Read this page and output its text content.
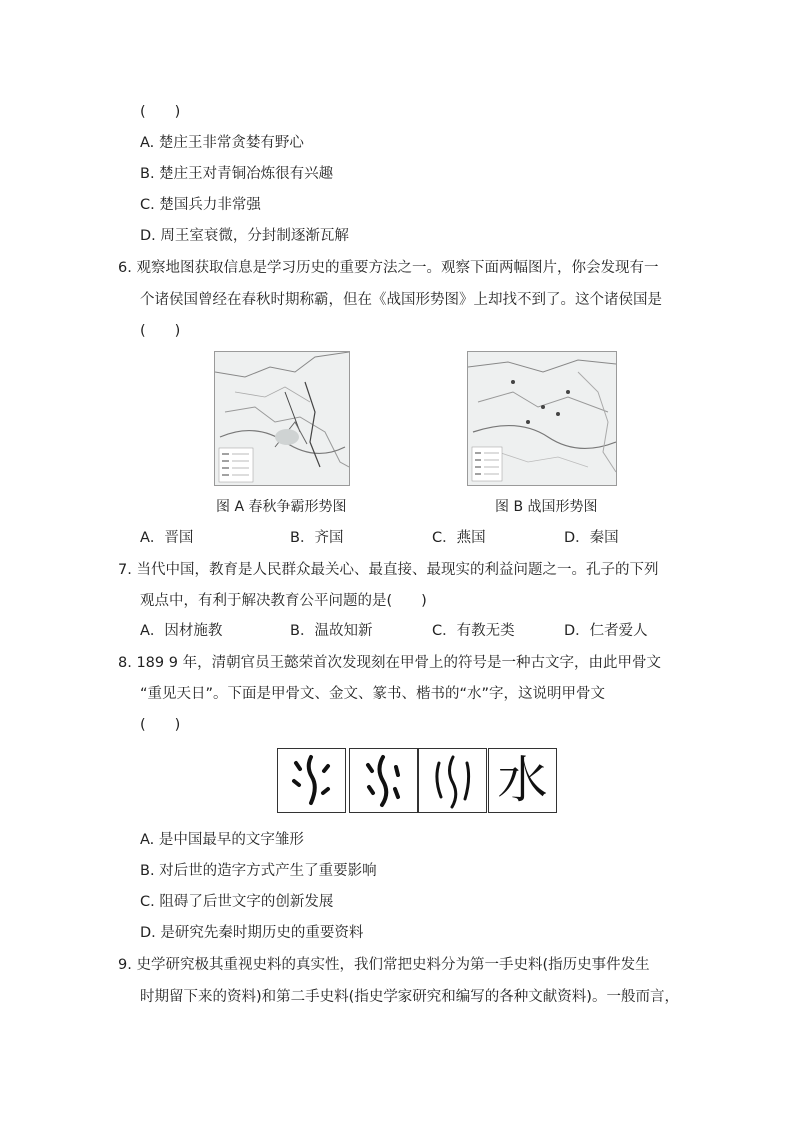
(　　)
A. 楚庄王非常贪婪有野心
B. 楚庄王对青铜冶炼很有兴趣
C. 楚国兵力非常强
D. 周王室衰微，分封制逐渐瓦解
6. 观察地图获取信息是学习历史的重要方法之一。观察下面两幅图片，你会发现有一
个诸侯国曾经在春秋时期称霸，但在《战国形势图》上却找不到了。这个诸侯国是
(　　)
图 A 春秋争霸形势图	图 B 战国形势图
A．晋国	B．齐国	C．燕国	D．秦国
7. 当代中国，教育是人民群众最关心、最直接、最现实的利益问题之一。孔子的下列
观点中，有利于解决教育公平问题的是(　　)
A．因材施教	B．温故知新	C．有教无类	D．仁者爱人
8. 189 9 年，清朝官员王懿荣首次发现刻在甲骨上的符号是一种古文字，由此甲骨文
“重见天日”。下面是甲骨文、金文、篆书、楷书的“水”字，这说明甲骨文
(　　)
水
A. 是中国最早的文字雏形
B. 对后世的造字方式产生了重要影响
C. 阻碍了后世文字的创新发展
D. 是研究先秦时期历史的重要资料
9. 史学研究极其重视史料的真实性，我们常把史料分为第一手史料(指历史事件发生
时期留下来的资料)和第二手史料(指史学家研究和编写的各种文献资料)。一般而言，
